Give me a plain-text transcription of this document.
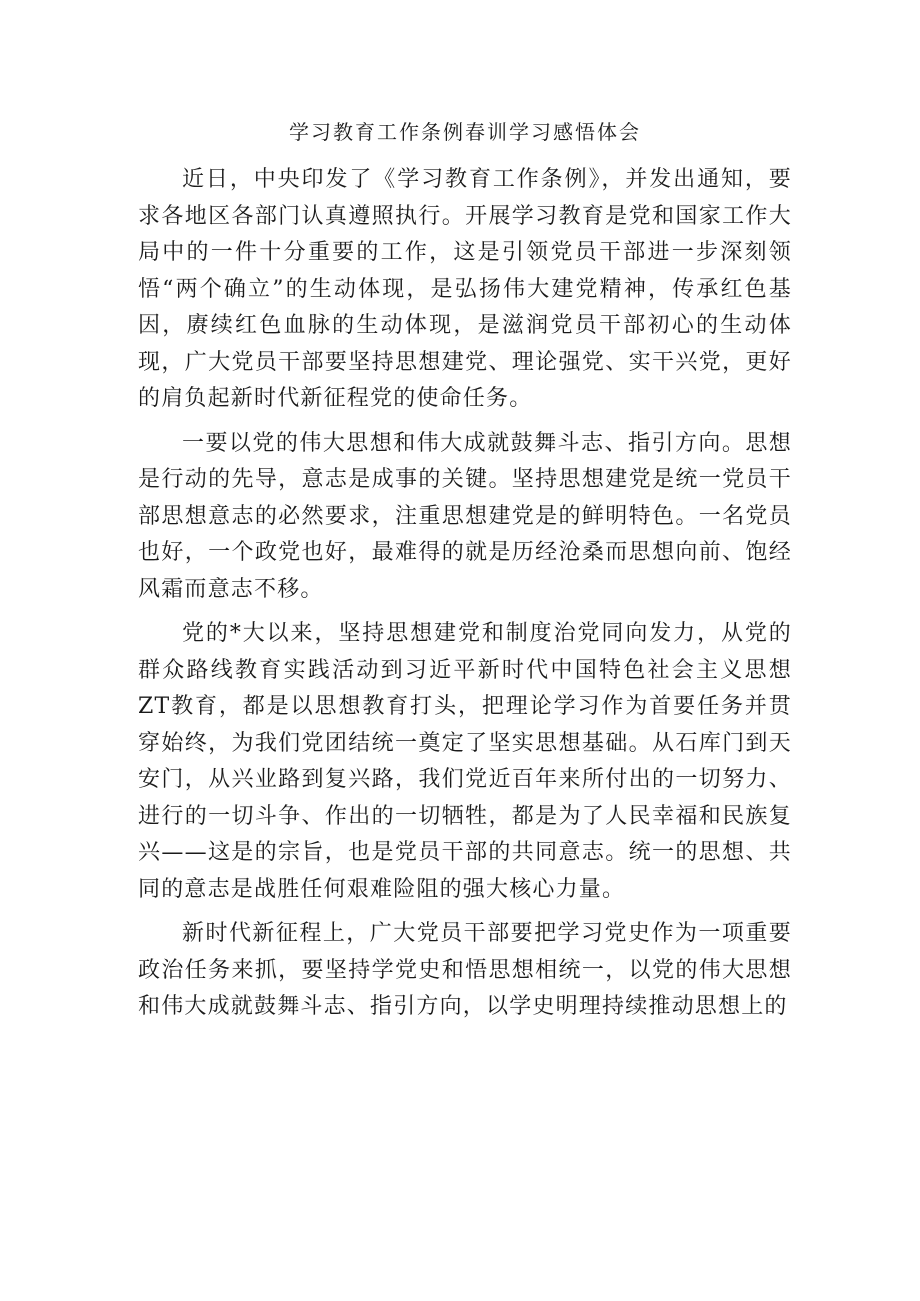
学习教育工作条例春训学习感悟体会

近日，中央印发了《学习教育工作条例》，并发出通知，要求各地区各部门认真遵照执行。开展学习教育是党和国家工作大局中的一件十分重要的工作，这是引领党员干部进一步深刻领悟“两个确立”的生动体现，是弘扬伟大建党精神，传承红色基因，赓续红色血脉的生动体现，是滋润党员干部初心的生动体现，广大党员干部要坚持思想建党、理论强党、实干兴党，更好的肩负起新时代新征程党的使命任务。

一要以党的伟大思想和伟大成就鼓舞斗志、指引方向。思想是行动的先导，意志是成事的关键。坚持思想建党是统一党员干部思想意志的必然要求，注重思想建党是的鲜明特色。一名党员也好，一个政党也好，最难得的就是历经沧桑而思想向前、饱经风霜而意志不移。

党的*大以来，坚持思想建党和制度治党同向发力，从党的群众路线教育实践活动到习近平新时代中国特色社会主义思想ZT教育，都是以思想教育打头，把理论学习作为首要任务并贯穿始终，为我们党团结统一奠定了坚实思想基础。从石库门到天安门，从兴业路到复兴路，我们党近百年来所付出的一切努力、进行的一切斗争、作出的一切牺牲，都是为了人民幸福和民族复兴——这是的宗旨，也是党员干部的共同意志。统一的思想、共同的意志是战胜任何艰难险阻的强大核心力量。

新时代新征程上，广大党员干部要把学习党史作为一项重要政治任务来抓，要坚持学党史和悟思想相统一，以党的伟大思想和伟大成就鼓舞斗志、指引方向，以学史明理持续推动思想上的
